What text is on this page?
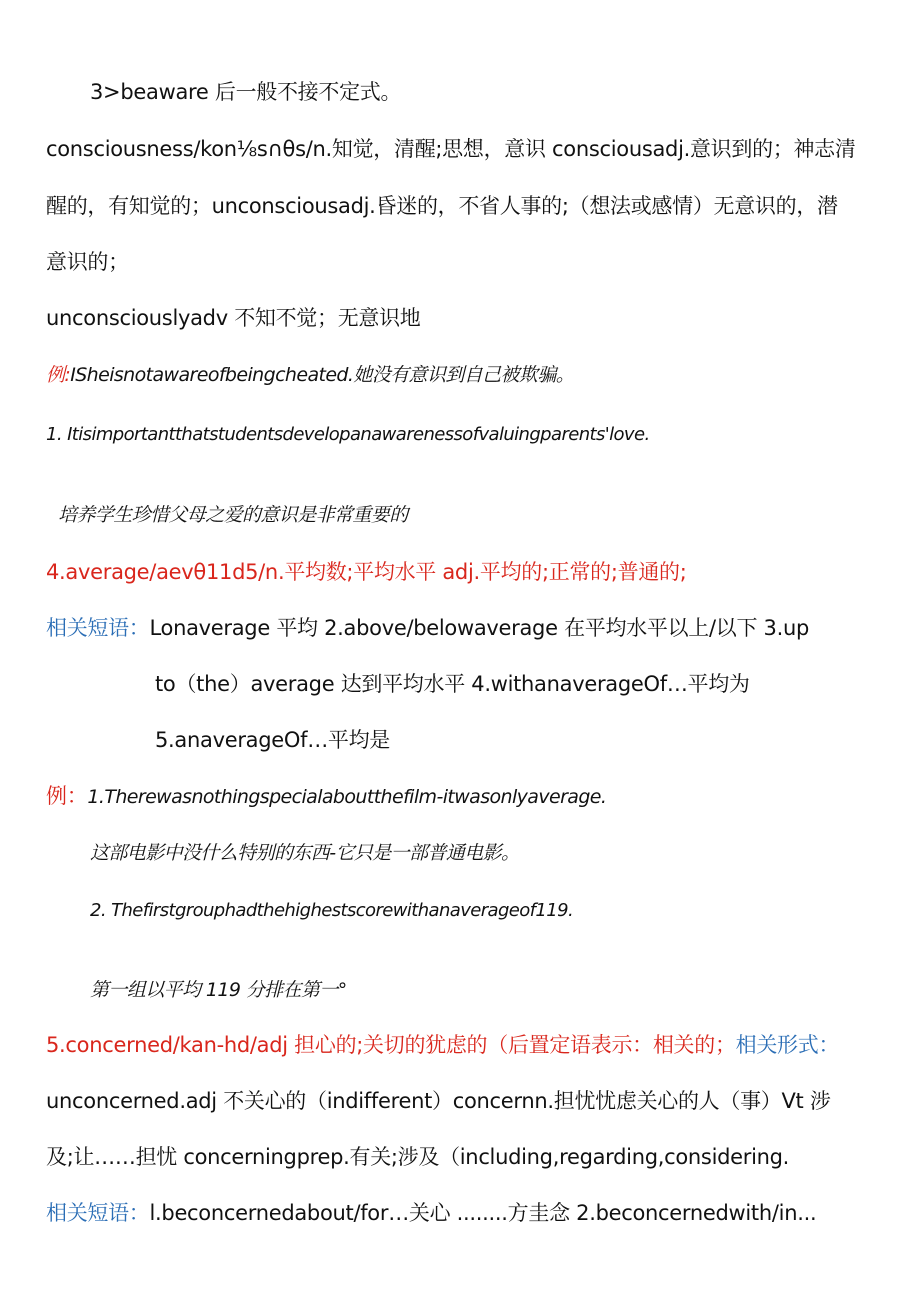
3>beaware 后一般不接不定式。
consciousness/kon⅛s∩θs/n.知觉，清醒;思想，意识 consciousadj.意识到的；神志清
醒的，有知觉的；unconsciousadj.昏迷的，不省人事的;（想法或感情）无意识的，潜
意识的；
unconsciouslyadv 不知不觉；无意识地
例:ISheisnotawareofbeingcheated.她没有意识到自己被欺骗。
1. Itisimportantthatstudentsdevelopanawarenessofvaluingparents'love.
培养学生珍惜父母之爱的意识是非常重要的
4.average/aevθ11d5/n.平均数;平均水平 adj.平均的;正常的;普通的;
相关短语：Lonaverage 平均 2.above/belowaverage 在平均水平以上/以下 3.up
to（the）average 达到平均水平 4.withanaverageOf…平均为
5.anaverageOf…平均是
例：1.Therewasnothingspecialaboutthefilm-itwasonlyaverage.
这部电影中没什么特别的东西-它只是一部普通电影。
2. Thefirstgrouphadthehighestscorewithanaverageof119.
第一组以平均 119 分排在第一°
5.concerned/kan-hd/adj 担心的;关切的犹虑的（后置定语表示：相关的；相关形式：
unconcerned.adj 不关心的（indifferent）concernn.担忧忧虑关心的人（事）Vt 涉
及;让……担忧 concerningprep.有关;涉及（including,regarding,considering.
相关短语：l.beconcernedabout/for…关心 ........方圭念 2.beconcernedwith/in...
